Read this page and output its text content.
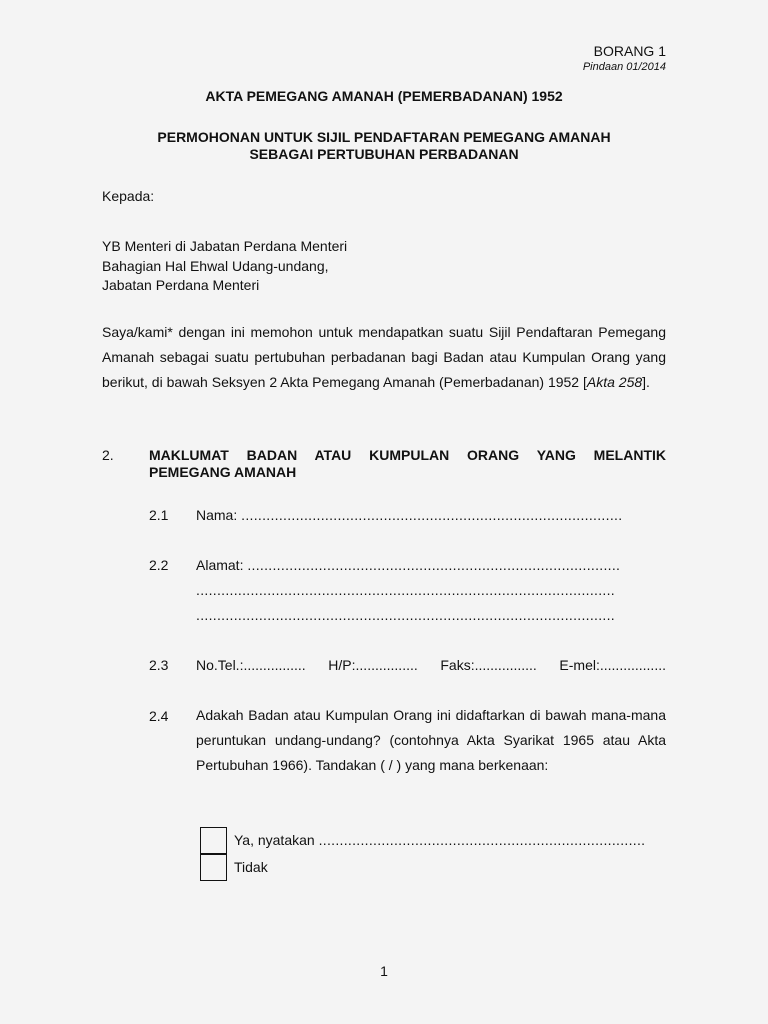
BORANG 1
Pindaan 01/2014
AKTA PEMEGANG AMANAH (PEMERBADANAN) 1952
PERMOHONAN UNTUK SIJIL PENDAFTARAN PEMEGANG AMANAH
SEBAGAI PERTUBUHAN PERBADANAN
Kepada:
YB Menteri di Jabatan Perdana Menteri
Bahagian Hal Ehwal Udang-undang,
Jabatan Perdana Menteri
Saya/kami* dengan ini memohon untuk mendapatkan suatu Sijil Pendaftaran Pemegang Amanah sebagai suatu pertubuhan perbadanan bagi Badan atau Kumpulan Orang yang berikut, di bawah Seksyen 2 Akta Pemegang Amanah (Pemerbadanan) 1952 [Akta 258].
2.	MAKLUMAT BADAN ATAU KUMPULAN ORANG YANG MELANTIK PEMEGANG AMANAH
2.1 Nama: ...........................................................................................
2.2 Alamat: .........................................................................................
....................................................................................................
....................................................................................................
2.3 No.Tel.:................ H/P:................ Faks:................ E-mel:.................
2.4 Adakah Badan atau Kumpulan Orang ini didaftarkan di bawah mana-mana peruntukan undang-undang? (contohnya Akta Syarikat 1965 atau Akta Pertubuhan 1966). Tandakan ( / ) yang mana berkenaan:
Ya, nyatakan ..............................................................................
Tidak
1
